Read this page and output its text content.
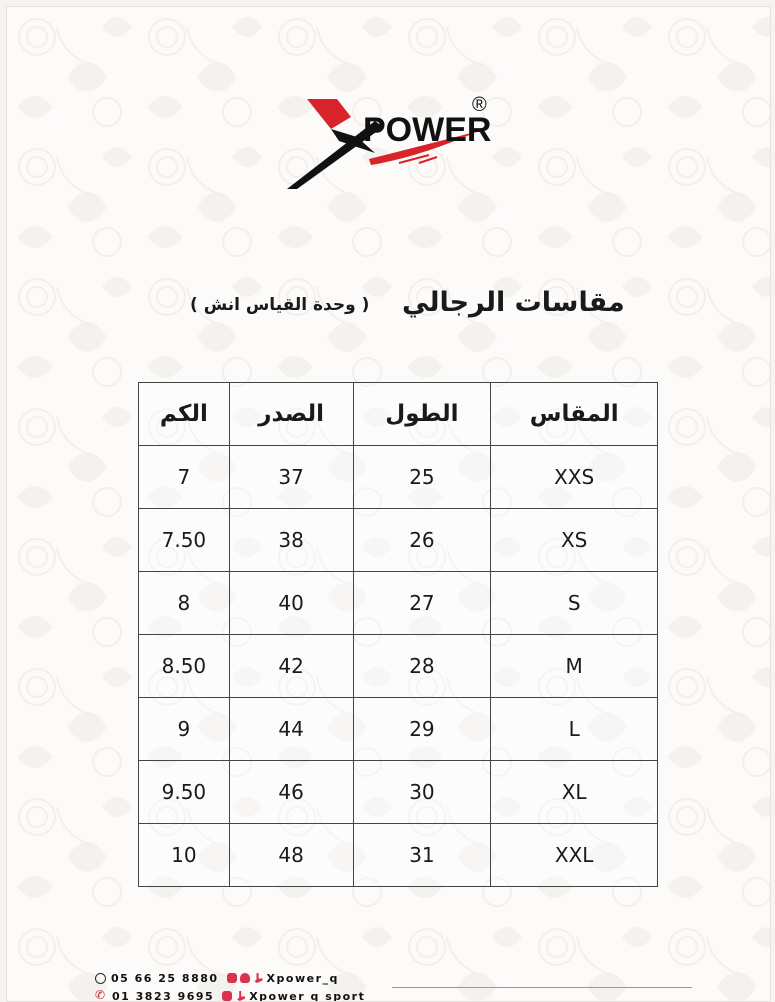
POWER
®
مقاسات الرجالي
( وحدة القياس انش )
المقاس	الطول	الصدر	الكم
XXS	25	37	7
XS	26	38	7.50
S	27	40	8
M	28	42	8.50
L	29	44	9
XL	30	46	9.50
XXL	31	48	10
05 66 25 8880	Xpower_q
✆ 01 3823 9695	Xpower q sport
